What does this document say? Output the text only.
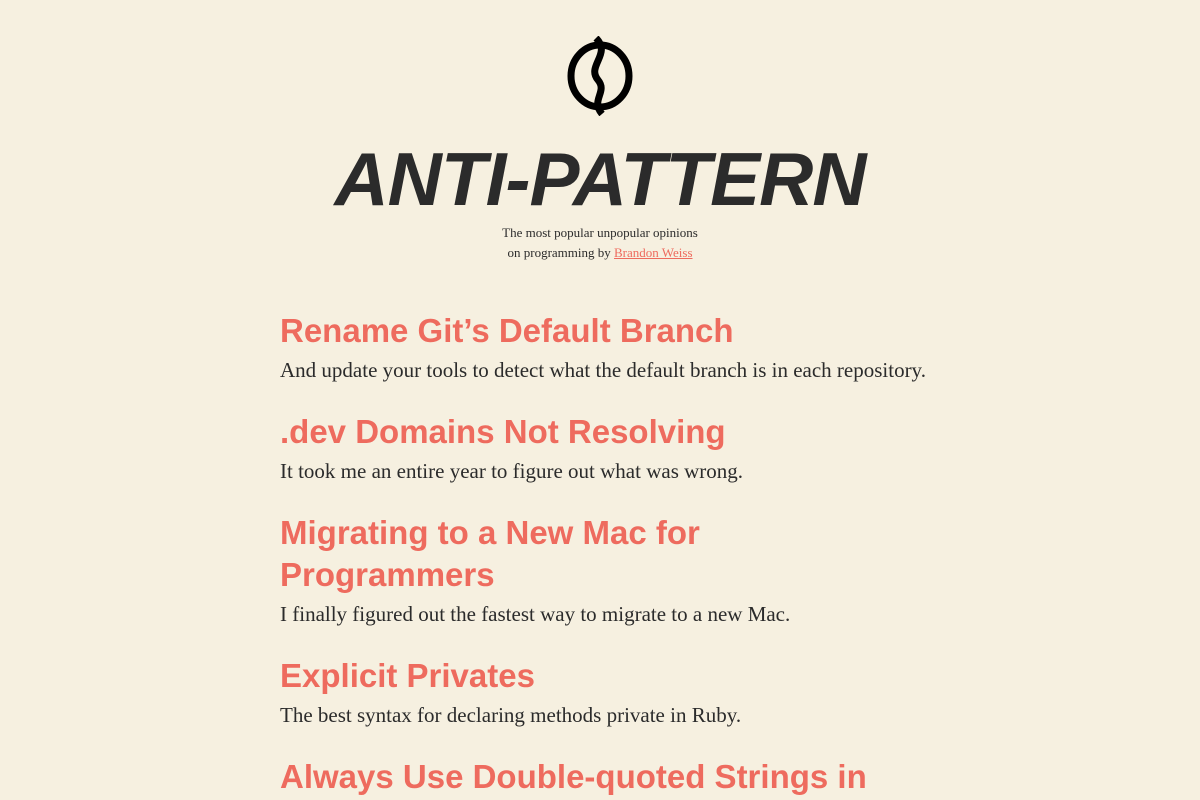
ANTI-PATTERN
The most popular unpopular opinions
on programming by Brandon Weiss
Rename Git’s Default Branch

And update your tools to detect what the default branch is in each repository.

.dev Domains Not Resolving

It took me an entire year to figure out what was wrong.

Migrating to a New Mac for Programmers

I finally figured out the fastest way to migrate to a new Mac.

Explicit Privates

The best syntax for declaring methods private in Ruby.

Always Use Double-quoted Strings in
